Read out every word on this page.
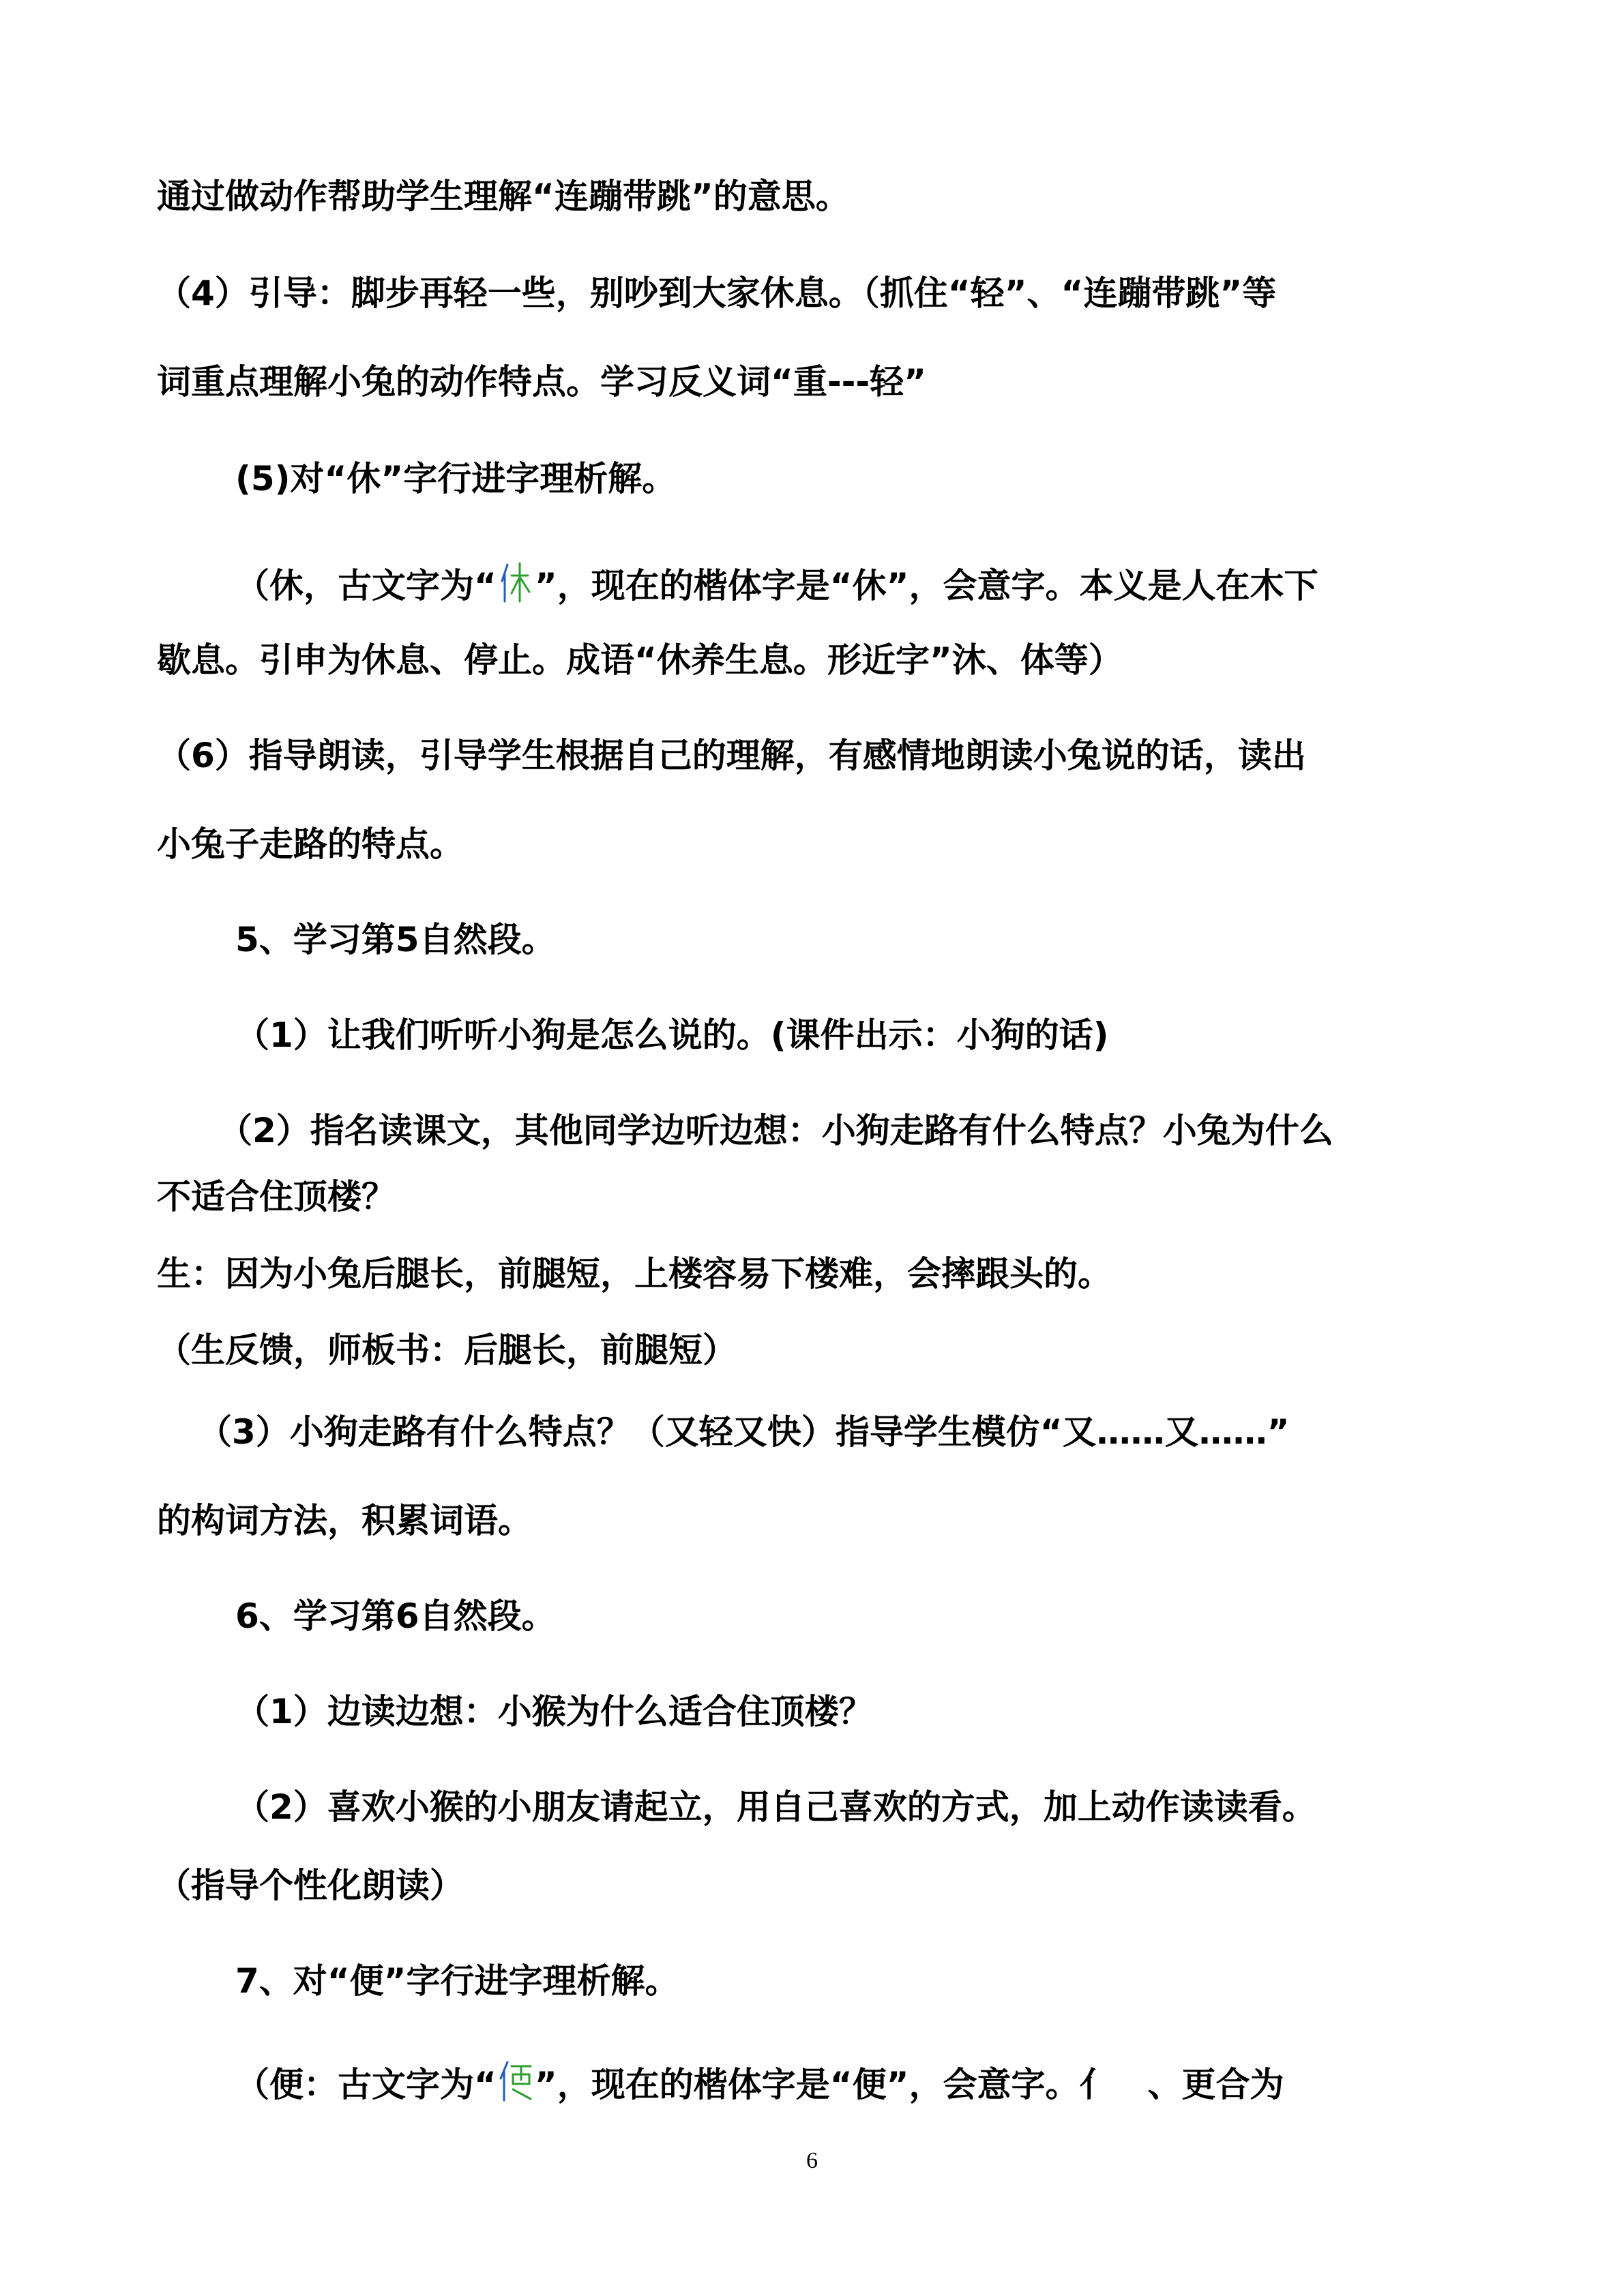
通过做动作帮助学生理解“连蹦带跳”的意思。
（4）引导：脚步再轻一些，别吵到大家休息。（抓住“轻”、“连蹦带跳”等
词重点理解小兔的动作特点。学习反义词“重---轻”
(5)对“休”字行进字理析解。
（休，古文字为“ ”，现在的楷体字是“休”，会意字。本义是人在木下
歇息。引申为休息、停止。成语“休养生息。形近字”沐、体等）
（6）指导朗读，引导学生根据自己的理解，有感情地朗读小兔说的话，读出
小兔子走路的特点。
5、学习第5自然段。
（1）让我们听听小狗是怎么说的。(课件出示：小狗的话)
（2）指名读课文，其他同学边听边想：小狗走路有什么特点？小兔为什么
不适合住顶楼？
生：因为小兔后腿长，前腿短，上楼容易下楼难，会摔跟头的。
（生反馈，师板书：后腿长，前腿短）
（3）小狗走路有什么特点？（又轻又快）指导学生模仿“又……又……”
的构词方法，积累词语。
6、学习第6自然段。
（1）边读边想：小猴为什么适合住顶楼？
（2）喜欢小猴的小朋友请起立，用自己喜欢的方式，加上动作读读看。
（指导个性化朗读）
7、对“便”字行进字理析解。
（便：古文字为“ ”，现在的楷体字是“便”，会意字。亻　、更合为
6
